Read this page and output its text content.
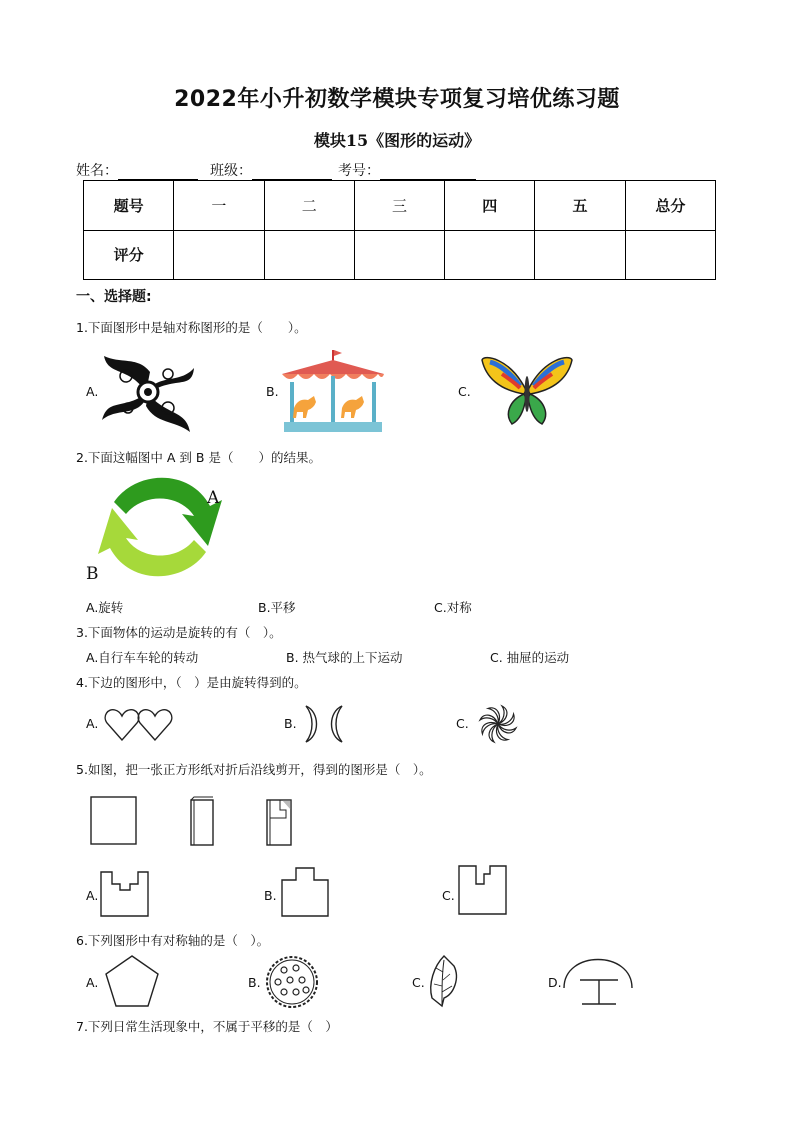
2022年小升初数学模块专项复习培优练习题
模块15《图形的运动》
姓名：	班级：	考号：
题号	一	二	三	四	五	总分
评分						
一、选择题:
1.下面图形中是轴对称图形的是（　　）。
A.	B.	C.
2.下面这幅图中 A 到 B 是（　　）的结果。
A
B
A.旋转	B.平移	C.对称
3.下面物体的运动是旋转的有（　）。
A.自行车车轮的转动	B. 热气球的上下运动	C. 抽屉的运动
4.下边的图形中，（　）是由旋转得到的。
A.	B.	C.
5.如图，把一张正方形纸对折后沿线剪开，得到的图形是（　）。
A.	B.	C.
6.下列图形中有对称轴的是（　）。
A.	B.	C.	D.
7.下列日常生活现象中，不属于平移的是（　）
